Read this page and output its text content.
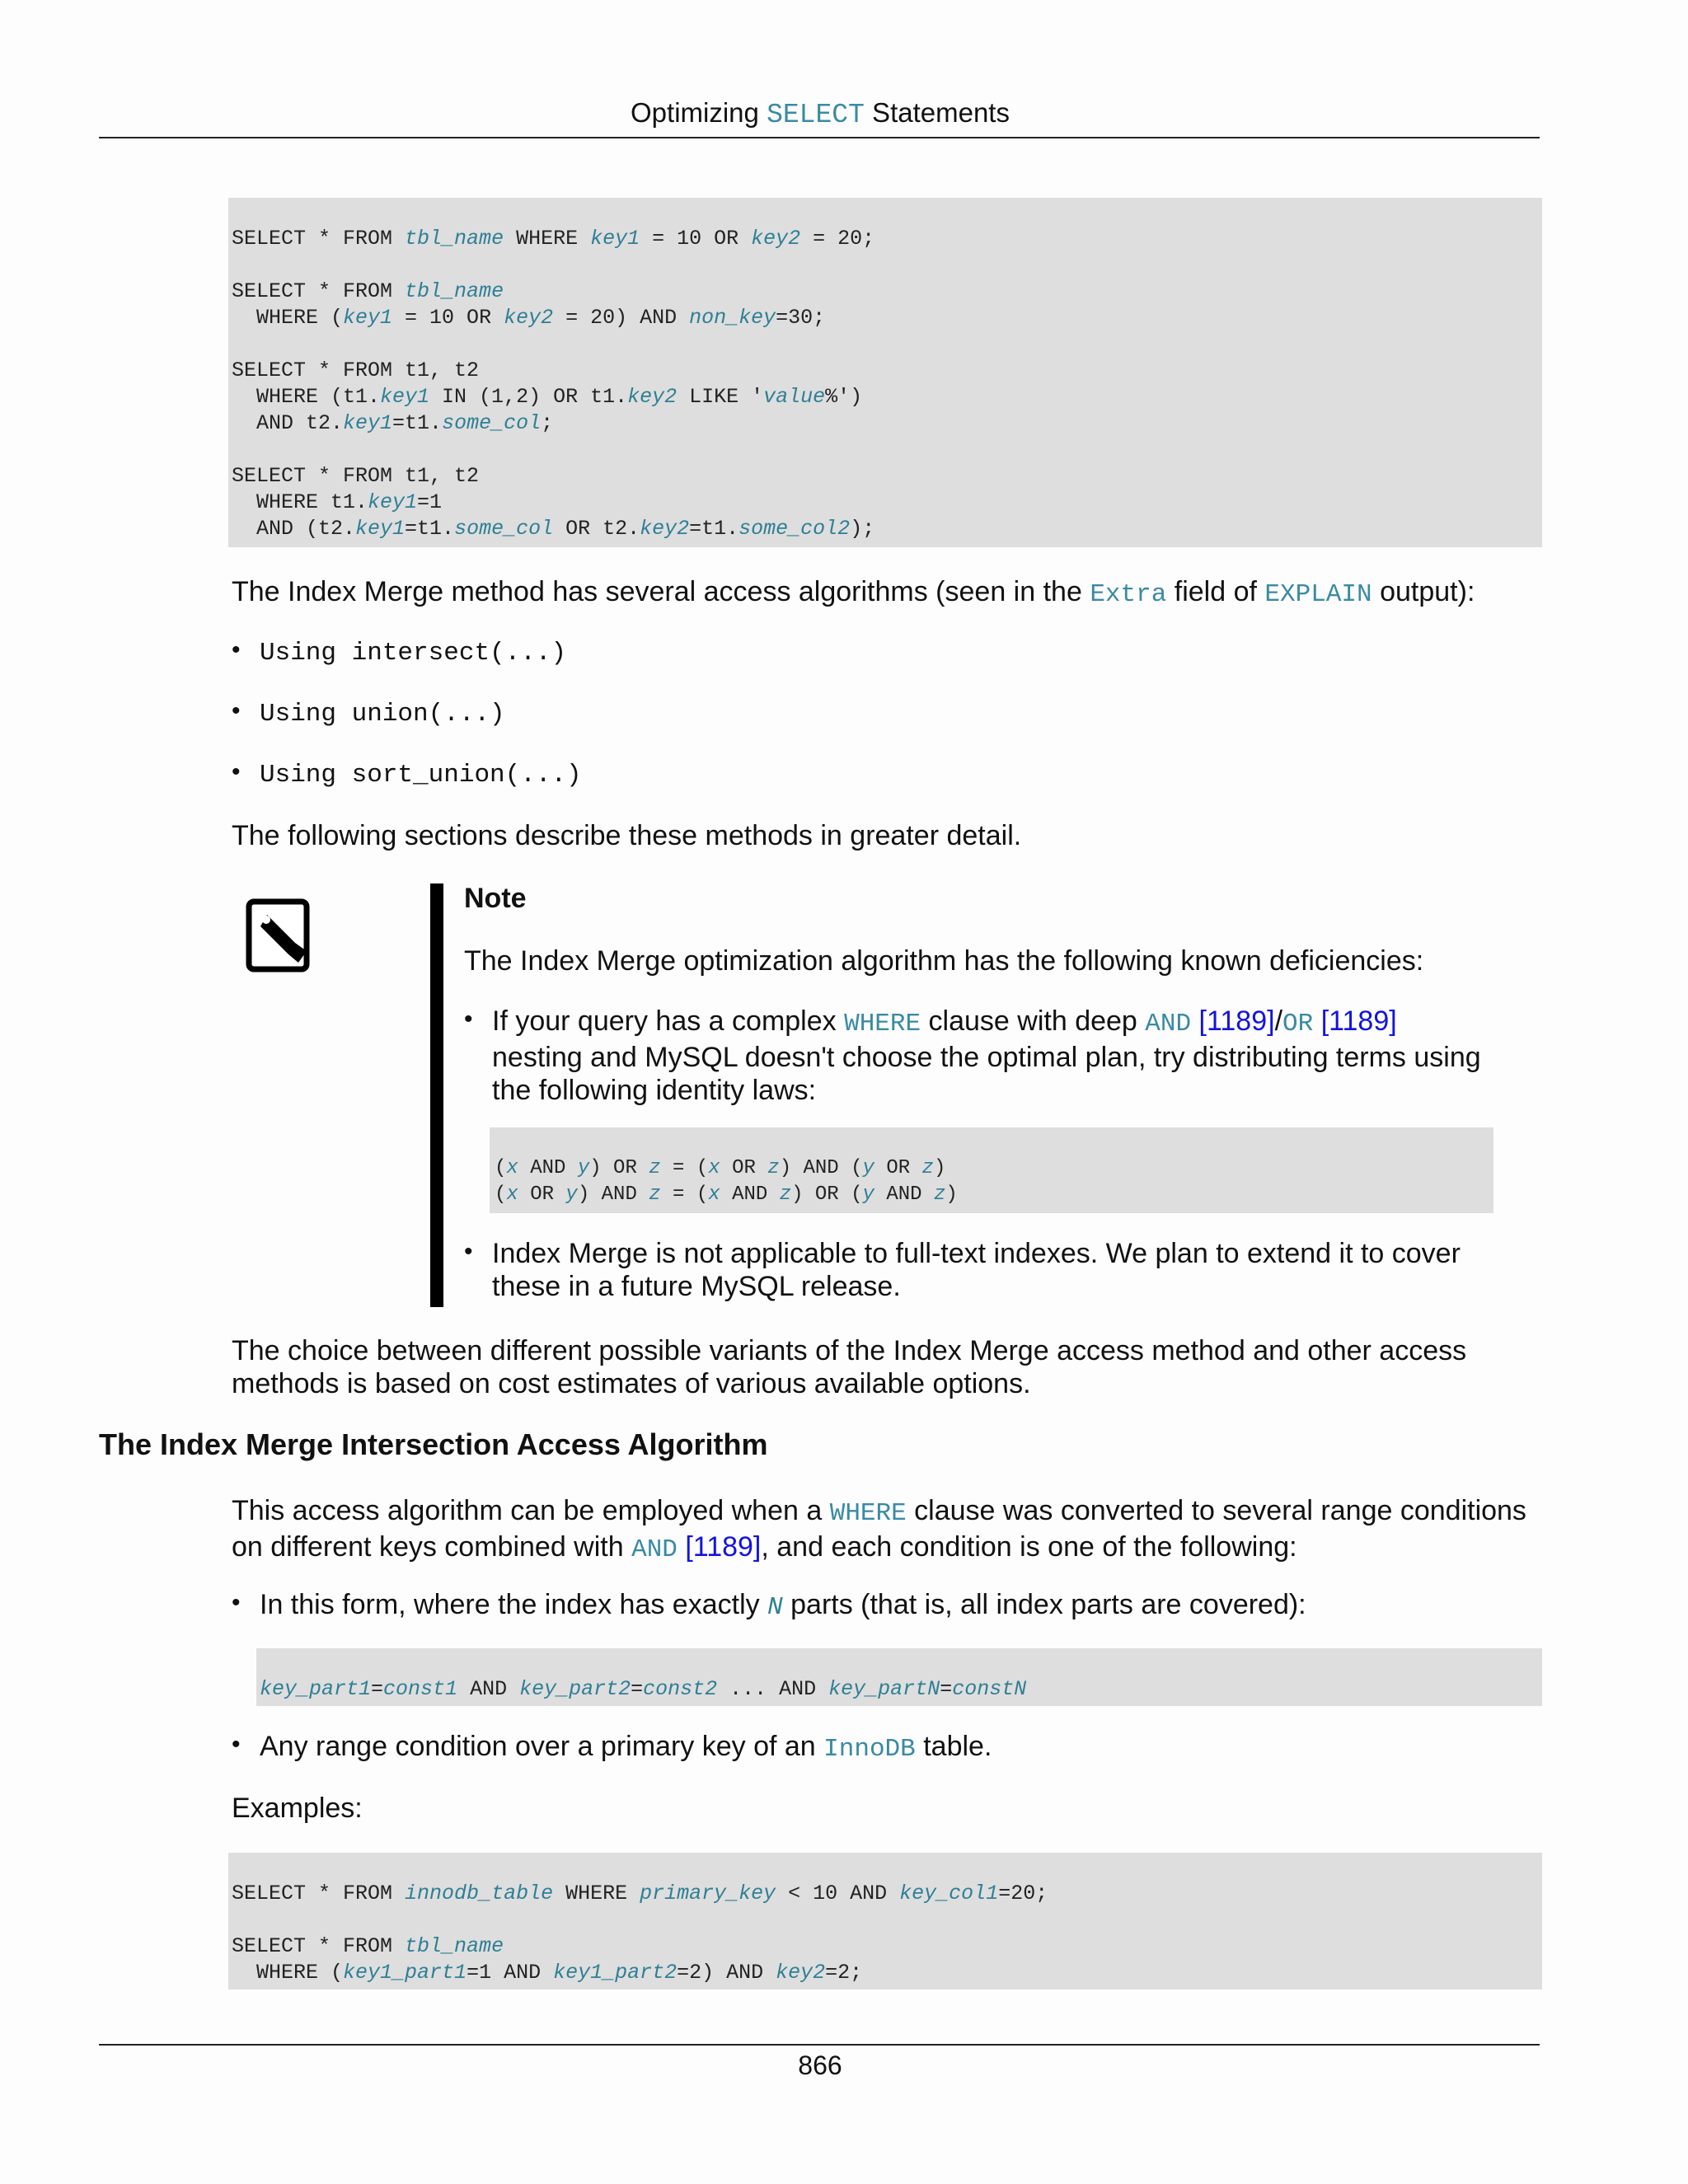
Optimizing SELECT Statements
SELECT * FROM tbl_name WHERE key1 = 10 OR key2 = 20;

SELECT * FROM tbl_name
WHERE (key1 = 10 OR key2 = 20) AND non_key=30;

SELECT * FROM t1, t2
WHERE (t1.key1 IN (1,2) OR t1.key2 LIKE 'value%')
AND t2.key1=t1.some_col;

SELECT * FROM t1, t2
WHERE t1.key1=1
AND (t2.key1=t1.some_col OR t2.key2=t1.some_col2);
The Index Merge method has several access algorithms (seen in the Extra field of EXPLAIN output):
• Using intersect(...)
• Using union(...)
• Using sort_union(...)
The following sections describe these methods in greater detail.
Note
The Index Merge optimization algorithm has the following known deficiencies:
• If your query has a complex WHERE clause with deep AND [1189]/OR [1189]
nesting and MySQL doesn't choose the optimal plan, try distributing terms using
the following identity laws:
(x AND y) OR z = (x OR z) AND (y OR z)
(x OR y) AND z = (x AND z) OR (y AND z)
• Index Merge is not applicable to full-text indexes. We plan to extend it to cover
these in a future MySQL release.
The choice between different possible variants of the Index Merge access method and other access
methods is based on cost estimates of various available options.
The Index Merge Intersection Access Algorithm
This access algorithm can be employed when a WHERE clause was converted to several range conditions
on different keys combined with AND [1189], and each condition is one of the following:
• In this form, where the index has exactly N parts (that is, all index parts are covered):
key_part1=const1 AND key_part2=const2 ... AND key_partN=constN
• Any range condition over a primary key of an InnoDB table.
Examples:
SELECT * FROM innodb_table WHERE primary_key < 10 AND key_col1=20;

SELECT * FROM tbl_name
WHERE (key1_part1=1 AND key1_part2=2) AND key2=2;
866
